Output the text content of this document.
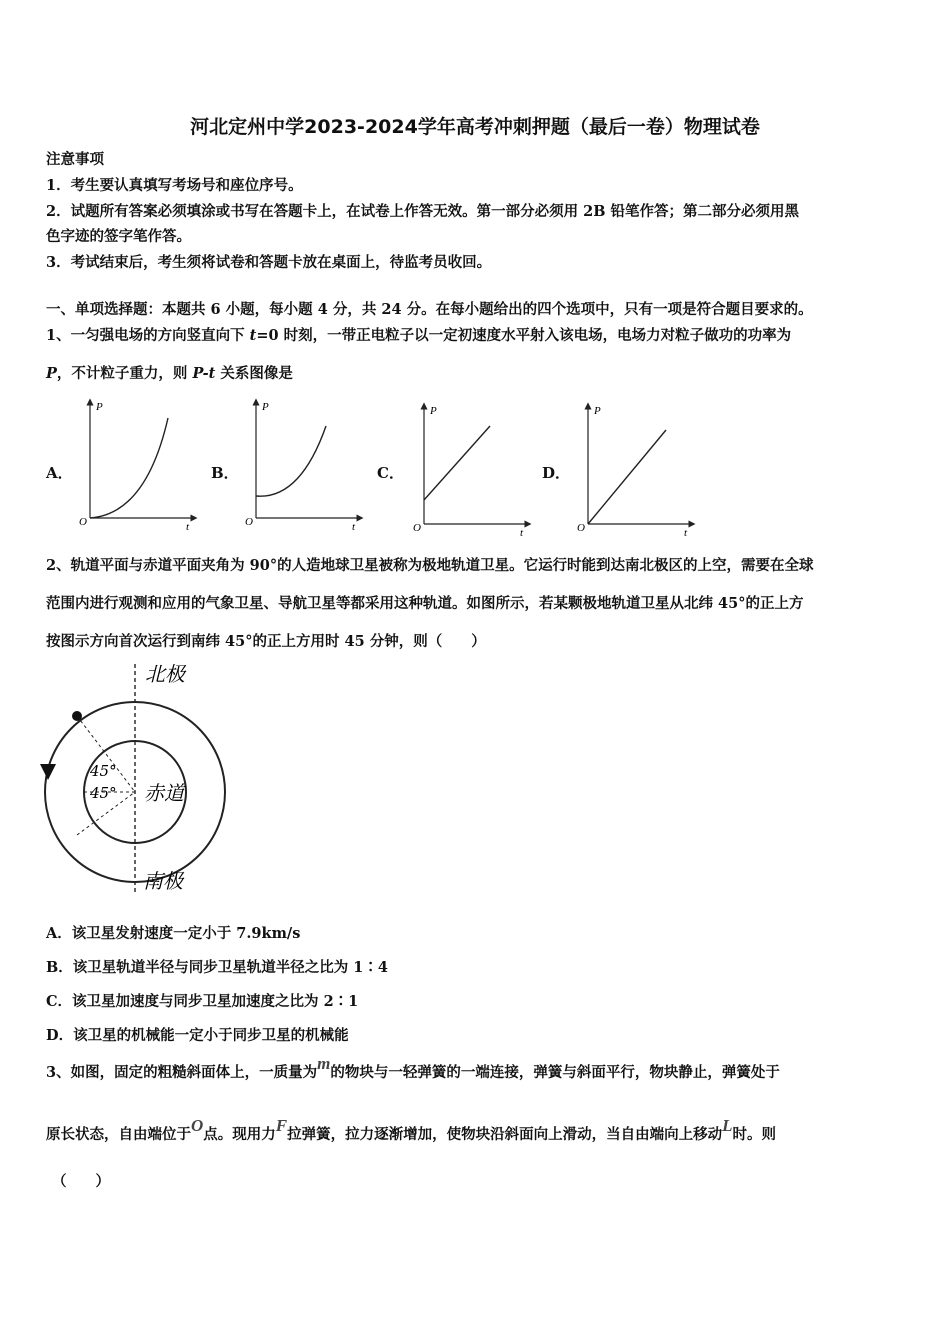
河北定州中学2023-2024学年高考冲刺押题（最后一卷）物理试卷
注意事项
1．考生要认真填写考场号和座位序号。
2．试题所有答案必须填涂或书写在答题卡上，在试卷上作答无效。第一部分必须用 2B 铅笔作答；第二部分必须用黑
色字迹的签字笔作答。
3．考试结束后，考生须将试卷和答题卡放在桌面上，待监考员收回。
一、单项选择题：本题共 6 小题，每小题 4 分，共 24 分。在每小题给出的四个选项中，只有一项是符合题目要求的。
1、一匀强电场的方向竖直向下 t=0 时刻，一带正电粒子以一定初速度水平射入该电场，电场力对粒子做功的功率为
P，不计粒子重力，则 P-t 关系图像是
A．	B．	C．	D．
P
t
O
P
t
O
P
t
O
P
t
O
2、轨道平面与赤道平面夹角为 90°的人造地球卫星被称为极地轨道卫星。它运行时能到达南北极区的上空，需要在全球
范围内进行观测和应用的气象卫星、导航卫星等都采用这种轨道。如图所示，若某颗极地轨道卫星从北纬 45°的正上方
按图示方向首次运行到南纬 45°的正上方用时 45 分钟，则（　　）
北极
南极
赤道
45°
45°
A．该卫星发射速度一定小于 7.9km/s
B．该卫星轨道半径与同步卫星轨道半径之比为 1∶4
C．该卫星加速度与同步卫星加速度之比为 2∶1
D．该卫星的机械能一定小于同步卫星的机械能
3、如图，固定的粗糙斜面体上，一质量为m的物块与一轻弹簧的一端连接，弹簧与斜面平行，物块静止，弹簧处于
原长状态，自由端位于O点。现用力F拉弹簧，拉力逐渐增加，使物块沿斜面向上滑动，当自由端向上移动L时。则
（　　）
